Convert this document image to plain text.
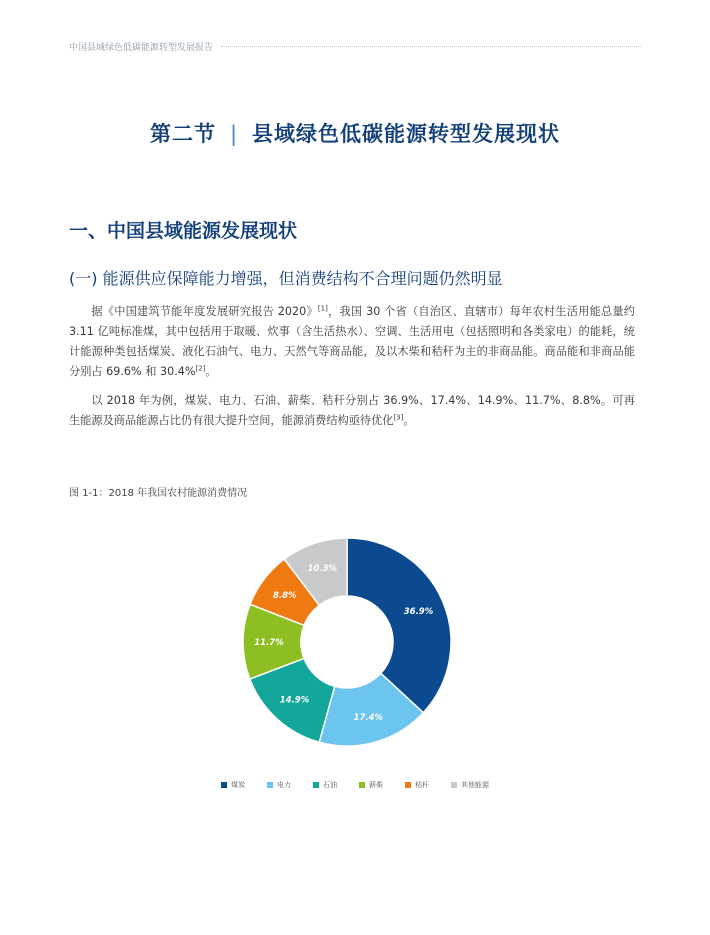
中国县域绿色低碳能源转型发展报告
第二节 | 县域绿色低碳能源转型发展现状
一、中国县域能源发展现状
(一) 能源供应保障能力增强，但消费结构不合理问题仍然明显

据《中国建筑节能年度发展研究报告 2020》[1]，我国 30 个省（自治区、直辖市）每年农村生活用能总量约 3.11 亿吨标准煤，其中包括用于取暖、炊事（含生活热水）、空调、生活用电（包括照明和各类家电）的能耗，统计能源种类包括煤炭、液化石油气、电力、天然气等商品能，及以木柴和秸秆为主的非商品能。商品能和非商品能分别占 69.6% 和 30.4%[2]。

以 2018 年为例，煤炭、电力、石油、薪柴、秸秆分别占 36.9%、17.4%、14.9%、11.7%、8.8%。可再生能源及商品能源占比仍有很大提升空间，能源消费结构亟待优化[3]。

图 1-1：2018 年我国农村能源消费情况
36.9%
17.4%
14.9%
11.7%
8.8%
10.3%
煤炭	电力	石油	薪柴	秸秆	其他能源
